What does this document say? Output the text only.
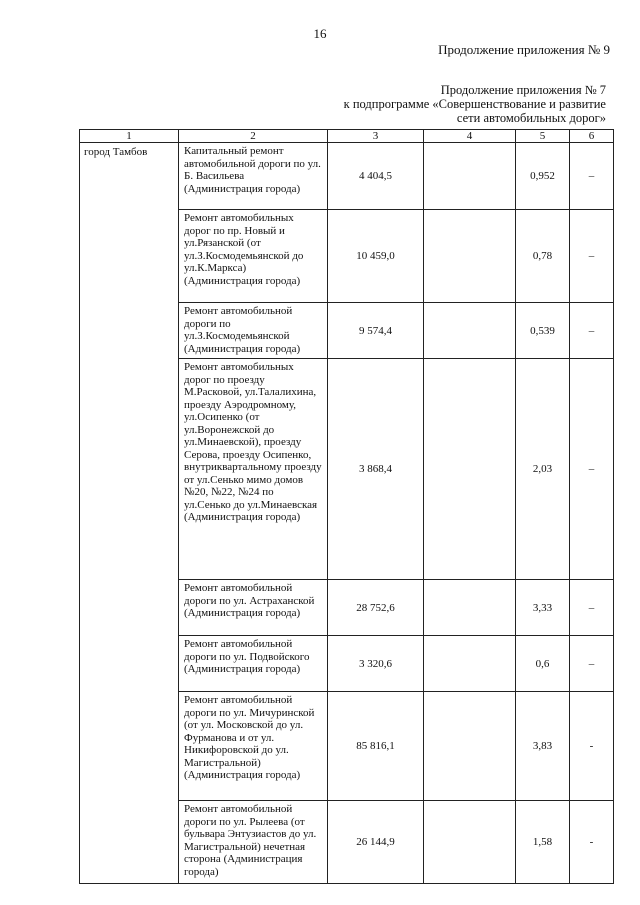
16
Продолжение приложения № 9
Продолжение приложения № 7
к подпрограмме «Совершенствование и развитие
сети автомобильных дорог»
1	2	3	4	5	6
город Тамбов	Капитальный ремонт автомобильной дороги по ул. Б. Васильева (Администрация города)	4 404,5		0,952	–
	Ремонт автомобильных дорог по пр. Новый и ул.Рязанской (от ул.З.Космодемьянской до ул.К.Маркса) (Администрация города)	10 459,0		0,78	–
	Ремонт автомобильной дороги по ул.З.Космодемьянской (Администрация города)	9 574,4		0,539	–
	Ремонт автомобильных дорог по проезду М.Расковой, ул.Талалихина, проезду Аэродромному, ул.Осипенко (от ул.Воронежской до ул.Минаевской), проезду Серова, проезду Осипенко, внутриквартальному проезду от ул.Сенько мимо домов №20, №22, №24 по ул.Сенько до ул.Минаевская (Администрация города)	3 868,4		2,03	–
	Ремонт автомобильной дороги по ул. Астраханской (Администрация города)	28 752,6		3,33	–
	Ремонт автомобильной дороги по ул. Подвойского (Администрация города)	3 320,6		0,6	–
	Ремонт автомобильной дороги по ул. Мичуринской (от ул. Московской до ул. Фурманова и от ул. Никифоровской до ул. Магистральной) (Администрация города)	85 816,1		3,83	-
	Ремонт автомобильной дороги по ул. Рылеева (от бульвара Энтузиастов до ул. Магистральной) нечетная сторона (Администрация города)	26 144,9		1,58	-
